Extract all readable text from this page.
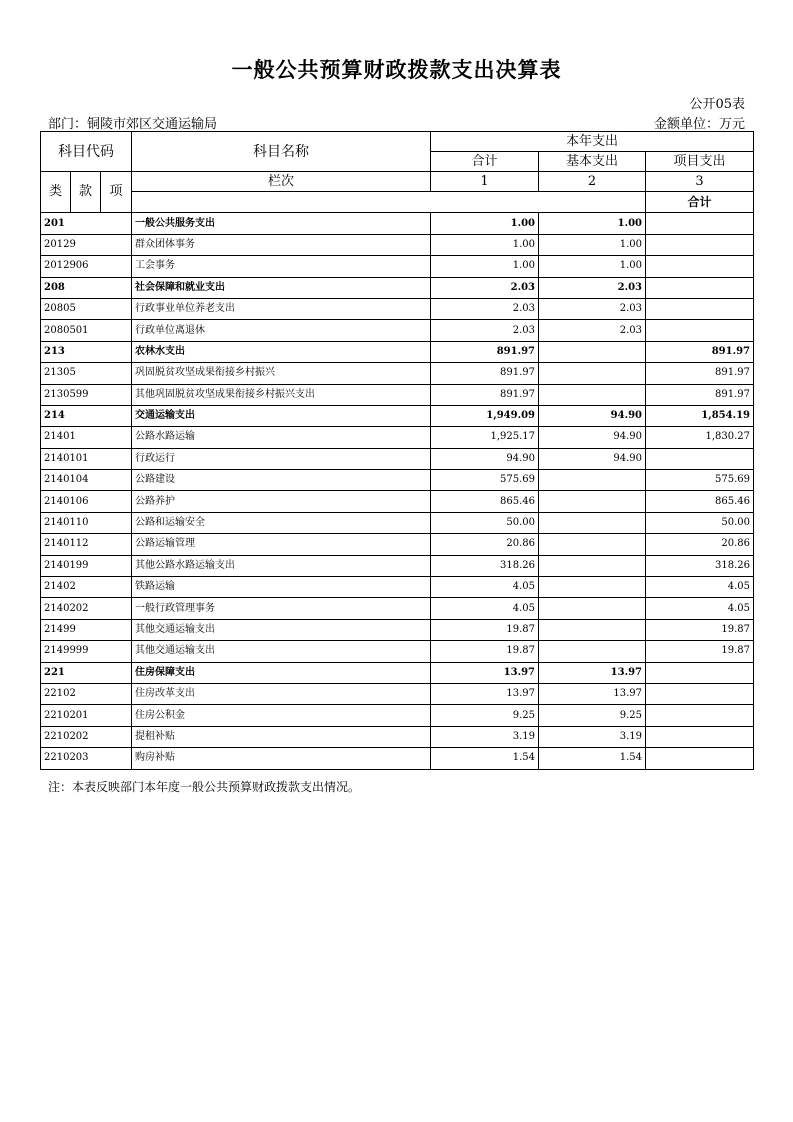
一般公共预算财政拨款支出决算表
公开05表
部门：铜陵市郊区交通运输局	金额单位：万元
科目代码			科目名称	本年支出			
				合计	基本支出	项目支出	
类	款	项	栏次	1	2	3	
						合计			
201			一般公共服务支出	1.00	1.00		
20129			群众团体事务	1.00	1.00		
2012906			工会事务	1.00	1.00		
208			社会保障和就业支出	2.03	2.03		
20805			行政事业单位养老支出	2.03	2.03		
2080501			行政单位离退休	2.03	2.03		
213			农林水支出	891.97		891.97	
21305			巩固脱贫攻坚成果衔接乡村振兴	891.97		891.97	
2130599			其他巩固脱贫攻坚成果衔接乡村振兴支出	891.97		891.97	
214			交通运输支出	1,949.09	94.90	1,854.19	
21401			公路水路运输	1,925.17	94.90	1,830.27	
2140101			行政运行	94.90	94.90		
2140104			公路建设	575.69		575.69	
2140106			公路养护	865.46		865.46	
2140110			公路和运输安全	50.00		50.00	
2140112			公路运输管理	20.86		20.86	
2140199			其他公路水路运输支出	318.26		318.26	
21402			铁路运输	4.05		4.05	
2140202			一般行政管理事务	4.05		4.05	
21499			其他交通运输支出	19.87		19.87	
2149999			其他交通运输支出	19.87		19.87	
221			住房保障支出	13.97	13.97		
22102			住房改革支出	13.97	13.97		
2210201			住房公积金	9.25	9.25		
2210202			提租补贴	3.19	3.19		
2210203			购房补贴	1.54	1.54		
注：本表反映部门本年度一般公共预算财政拨款支出情况。
